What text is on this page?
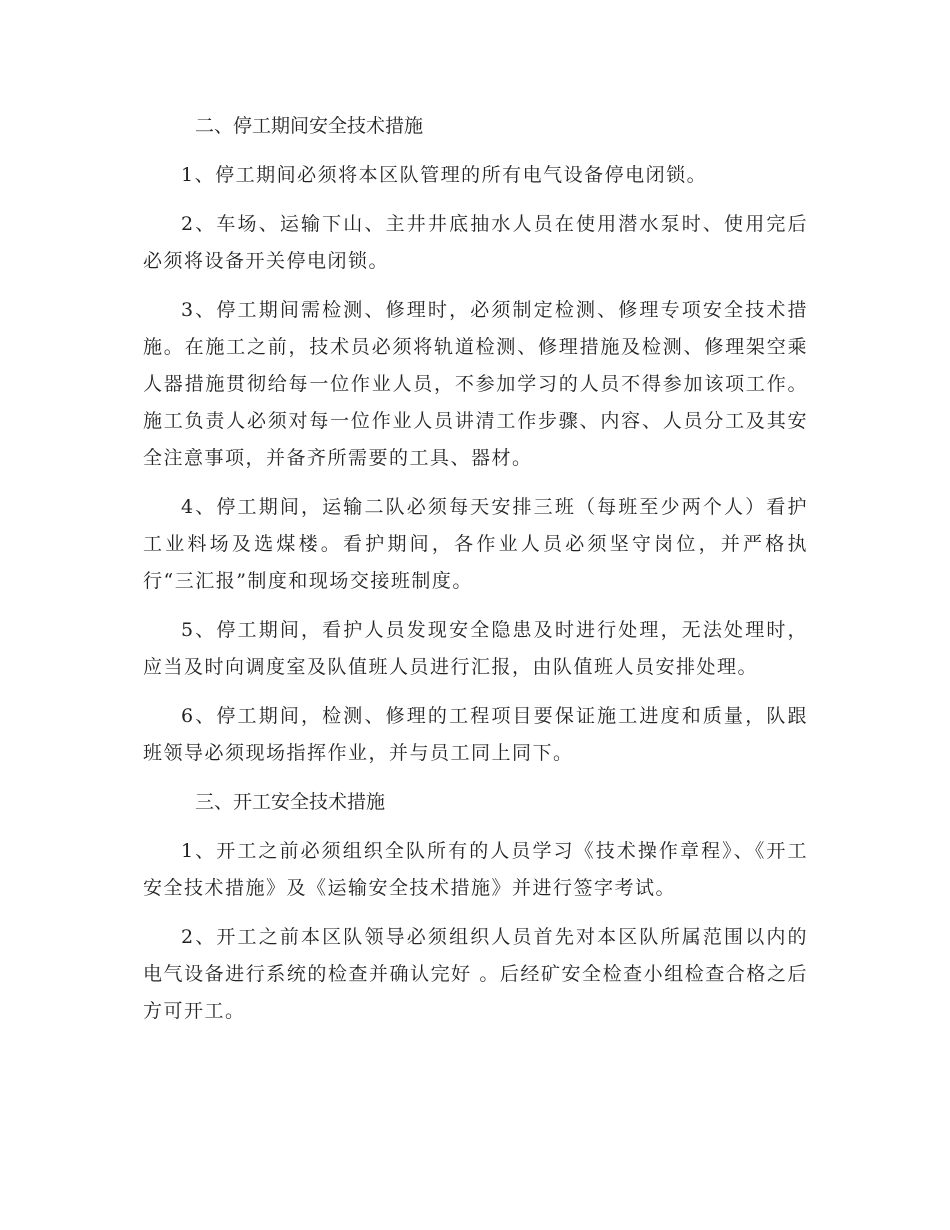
二、停工期间安全技术措施

1、停工期间必须将本区队管理的所有电气设备停电闭锁。

2、车场、运输下山、主井井底抽水人员在使用潜水泵时、使用完后必须将设备开关停电闭锁。

3、停工期间需检测、修理时，必须制定检测、修理专项安全技术措施。在施工之前，技术员必须将轨道检测、修理措施及检测、修理架空乘人器措施贯彻给每一位作业人员，不参加学习的人员不得参加该项工作。施工负责人必须对每一位作业人员讲清工作步骤、内容、人员分工及其安全注意事项，并备齐所需要的工具、器材。

4、停工期间，运输二队必须每天安排三班（每班至少两个人）看护工业料场及选煤楼。看护期间，各作业人员必须坚守岗位，并严格执行“三汇报”制度和现场交接班制度。

5、停工期间，看护人员发现安全隐患及时进行处理，无法处理时，应当及时向调度室及队值班人员进行汇报，由队值班人员安排处理。

6、停工期间，检测、修理的工程项目要保证施工进度和质量，队跟班领导必须现场指挥作业，并与员工同上同下。

三、开工安全技术措施

1、开工之前必须组织全队所有的人员学习《技术操作章程》、《开工安全技术措施》及《运输安全技术措施》并进行签字考试。

2、开工之前本区队领导必须组织人员首先对本区队所属范围以内的电气设备进行系统的检查并确认完好 。后经矿安全检查小组检查合格之后方可开工。
